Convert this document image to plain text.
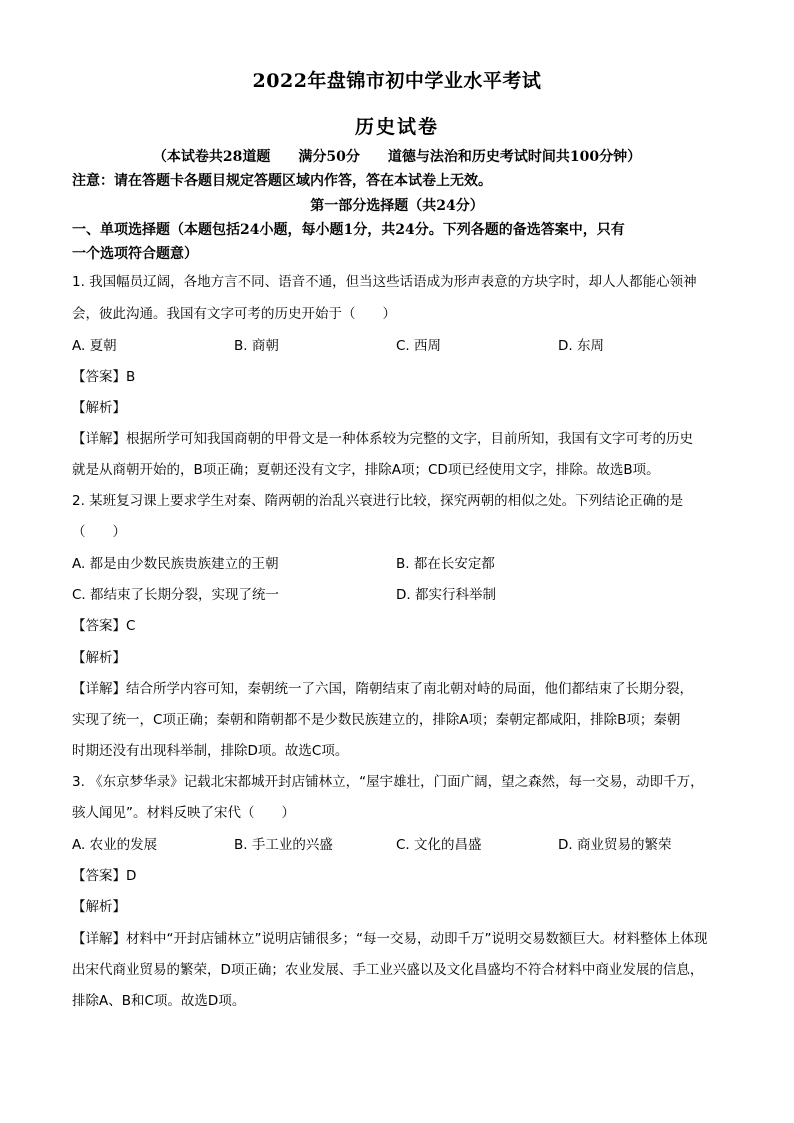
2022年盘锦市初中学业水平考试
历史试卷
（本试卷共28道题 满分50分 道德与法治和历史考试时间共100分钟）
注意：请在答题卡各题目规定答题区域内作答，答在本试卷上无效。
第一部分选择题（共24分）
一、单项选择题（本题包括24小题，每小题1分，共24分。下列各题的备选答案中，只有
一个选项符合题意）
1. 我国幅员辽阔，各地方言不同、语音不通，但当这些话语成为形声表意的方块字时，却人人都能心领神
会，彼此沟通。我国有文字可考的历史开始于（　　）
A. 夏朝	B. 商朝	C. 西周	D. 东周
【答案】B
【解析】
【详解】根据所学可知我国商朝的甲骨文是一种体系较为完整的文字，目前所知，我国有文字可考的历史
就是从商朝开始的，B项正确；夏朝还没有文字，排除A项；CD项已经使用文字，排除。故选B项。
2. 某班复习课上要求学生对秦、隋两朝的治乱兴衰进行比较，探究两朝的相似之处。下列结论正确的是
（　　）
A. 都是由少数民族贵族建立的王朝	B. 都在长安定都
C. 都结束了长期分裂，实现了统一	D. 都实行科举制
【答案】C
【解析】
【详解】结合所学内容可知，秦朝统一了六国，隋朝结束了南北朝对峙的局面，他们都结束了长期分裂，
实现了统一，C项正确；秦朝和隋朝都不是少数民族建立的，排除A项；秦朝定都咸阳，排除B项；秦朝
时期还没有出现科举制，排除D项。故选C项。
3. 《东京梦华录》记载北宋都城开封店铺林立，“屋宇雄壮，门面广阔，望之森然，每一交易，动即千万，
骇人闻见”。材料反映了宋代（　　）
A. 农业的发展	B. 手工业的兴盛	C. 文化的昌盛	D. 商业贸易的繁荣
【答案】D
【解析】
【详解】材料中“开封店铺林立”说明店铺很多；“每一交易，动即千万”说明交易数额巨大。材料整体上体现
出宋代商业贸易的繁荣，D项正确；农业发展、手工业兴盛以及文化昌盛均不符合材料中商业发展的信息，
排除A、B和C项。故选D项。
